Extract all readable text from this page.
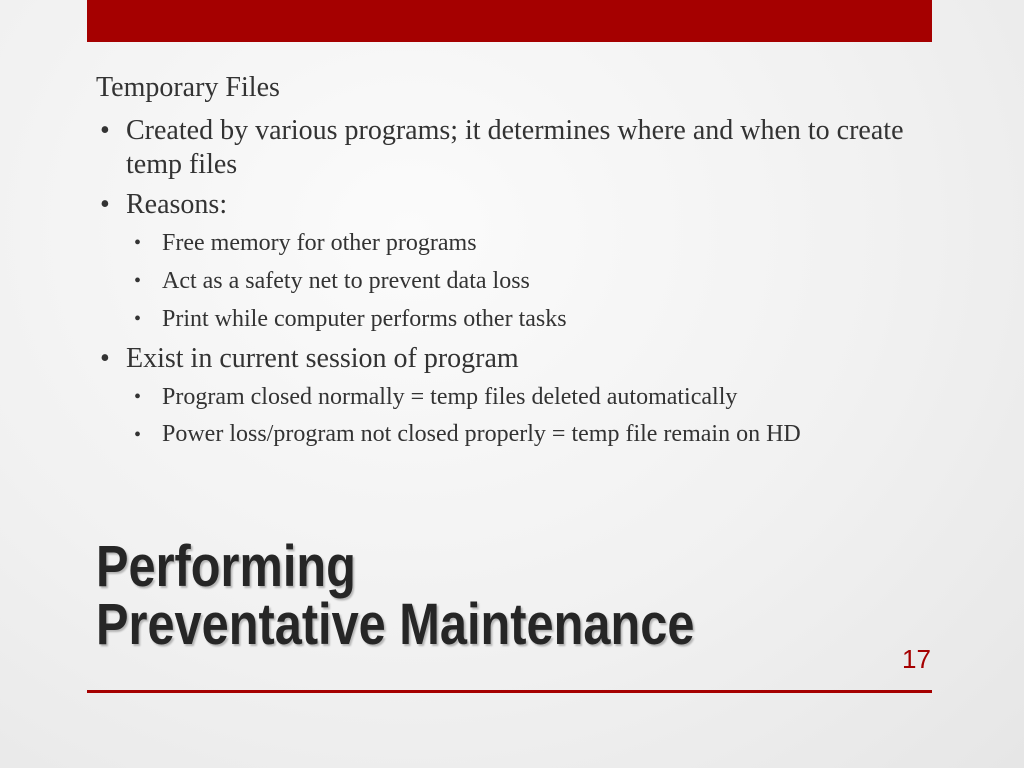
Temporary Files

• Created by various programs; it determines where and when to create temp files
• Reasons:
• Free memory for other programs
• Act as a safety net to prevent data loss
• Print while computer performs other tasks
• Exist in current session of program
• Program closed normally = temp files deleted automatically
• Power loss/program not closed properly = temp file remain on HD
Performing
Preventative Maintenance
17
